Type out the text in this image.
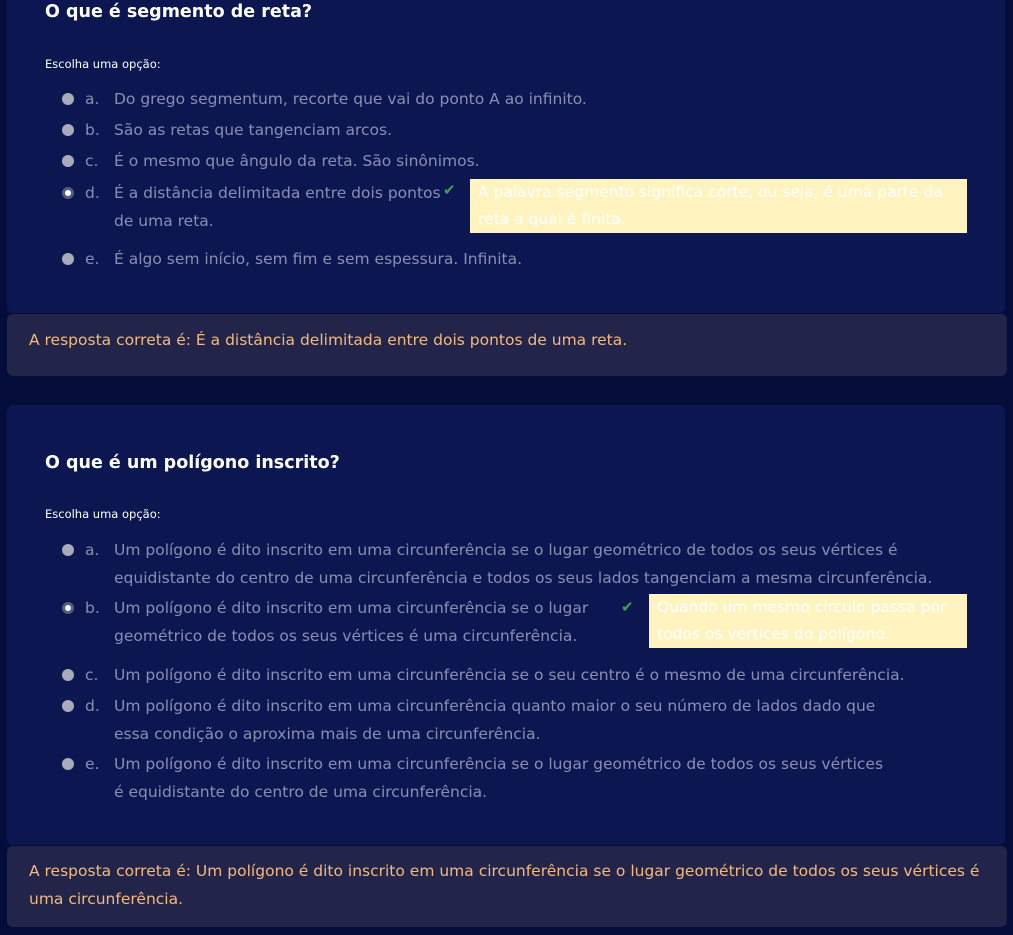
O que é segmento de reta?
Escolha uma opção:
a. Do grego segmentum, recorte que vai do ponto A ao infinito.
b. São as retas que tangenciam arcos.
c. É o mesmo que ângulo da reta. São sinônimos.
d. É a distância delimitada entre dois pontos de uma reta.
✔	A palavra segmento significa corte, ou seja, é uma parte da reta a qual é finita.
e. É algo sem início, sem fim e sem espessura. Infinita.
A resposta correta é: É a distância delimitada entre dois pontos de uma reta.
O que é um polígono inscrito?
Escolha uma opção:
a. Um polígono é dito inscrito em uma circunferência se o lugar geométrico de todos os seus vértices é equidistante do centro de uma circunferência e todos os seus lados tangenciam a mesma circunferência.
b. Um polígono é dito inscrito em uma circunferência se o lugar geométrico de todos os seus vértices é uma circunferência.
✔	Quando um mesmo círculo passa por todos os vértices do polígono.
c. Um polígono é dito inscrito em uma circunferência se o seu centro é o mesmo de uma circunferência.
d. Um polígono é dito inscrito em uma circunferência quanto maior o seu número de lados dado que essa condição o aproxima mais de uma circunferência.
e. Um polígono é dito inscrito em uma circunferência se o lugar geométrico de todos os seus vértices é equidistante do centro de uma circunferência.
A resposta correta é: Um polígono é dito inscrito em uma circunferência se o lugar geométrico de todos os seus vértices é uma circunferência.
